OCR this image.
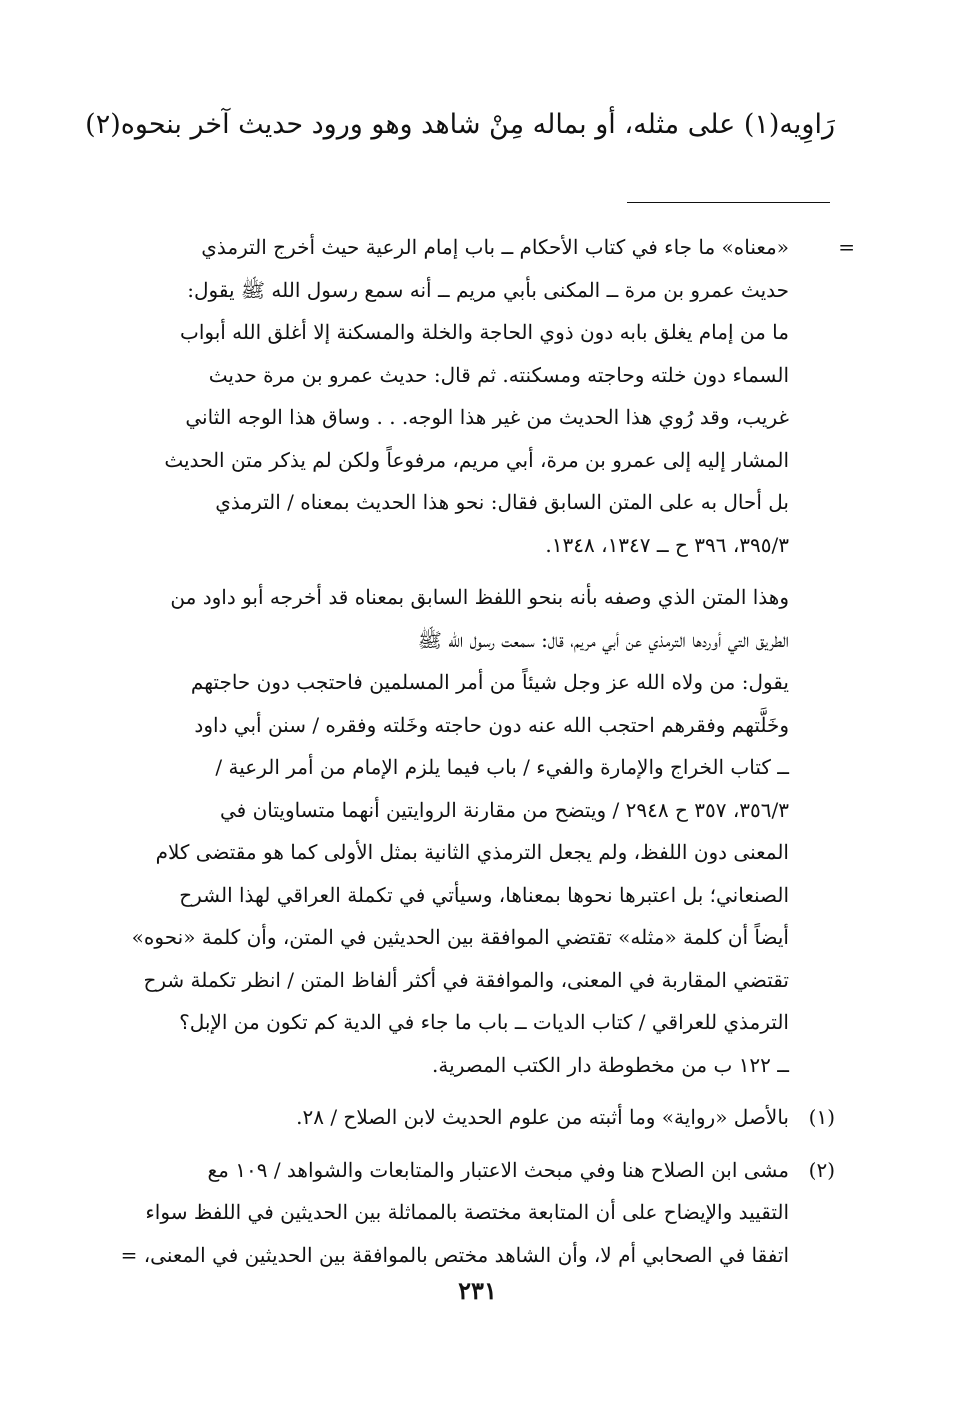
رَاوِيه(١) على مثله، أو بماله مِنْ شاهد وهو ورود حديث آخر بنحوه(٢)
=
«معناه» ما جاء في كتاب الأحكام ــ باب إمام الرعية حيث أخرج الترمذي
حديث عمرو بن مرة ــ المكنى بأبي مريم ــ أنه سمع رسول الله ﷺ يقول:
ما من إمام يغلق بابه دون ذوي الحاجة والخلة والمسكنة إلا أغلق الله أبواب
السماء دون خلته وحاجته ومسكنته. ثم قال: حديث عمرو بن مرة حديث
غريب، وقد رُوي هذا الحديث من غير هذا الوجه. . . وساق هذا الوجه الثاني
المشار إليه إلى عمرو بن مرة، أبي مريم، مرفوعاً ولكن لم يذكر متن الحديث
بل أحال به على المتن السابق فقال: نحو هذا الحديث بمعناه / الترمذي
٣٩٥/٣، ٣٩٦ ح ــ ١٣٤٧، ١٣٤٨.
وهذا المتن الذي وصفه بأنه بنحو اللفظ السابق بمعناه قد أخرجه أبو داود من
الطريق التي أوردها الترمذي عن أبي مريم، قال: سمعت رسول الله ﷺ
يقول: من ولاه الله عز وجل شيئاً من أمر المسلمين فاحتجب دون حاجتهم
وخَلَّتهم وفقرهم احتجب الله عنه دون حاجته وخَلته وفقره / سنن أبي داود
ــ كتاب الخراج والإمارة والفيء / باب فيما يلزم الإمام من أمر الرعية /
٣٥٦/٣، ٣٥٧ ح ٢٩٤٨ / ويتضح من مقارنة الروايتين أنهما متساويتان في
المعنى دون اللفظ، ولم يجعل الترمذي الثانية بمثل الأولى كما هو مقتضى كلام
الصنعاني؛ بل اعتبرها نحوها بمعناها، وسيأتي في تكملة العراقي لهذا الشرح
أيضاً أن كلمة «مثله» تقتضي الموافقة بين الحديثين في المتن، وأن كلمة «نحوه»
تقتضي المقاربة في المعنى، والموافقة في أكثر ألفاظ المتن / انظر تكملة شرح
الترمذي للعراقي / كتاب الديات ــ باب ما جاء في الدية كم تكون من الإبل؟
ــ ١٢٢ ب من مخطوطة دار الكتب المصرية.
(١)
بالأصل «رواية» وما أثبته من علوم الحديث لابن الصلاح / ٢٨.
(٢)
مشى ابن الصلاح هنا وفي مبحث الاعتبار والمتابعات والشواهد / ١٠٩ مع
التقييد والإيضاح على أن المتابعة مختصة بالمماثلة بين الحديثين في اللفظ سواء
اتفقا في الصحابي أم لا، وأن الشاهد مختص بالموافقة بين الحديثين في المعنى، =
٢٣١
